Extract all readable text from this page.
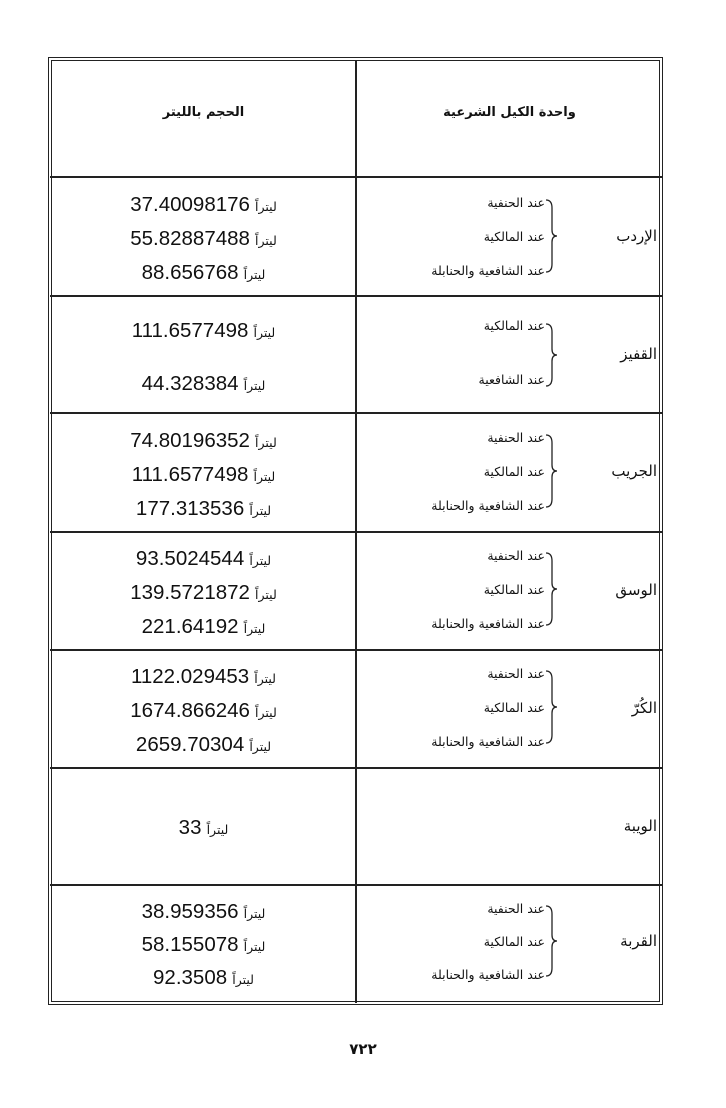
واحدة الكيل الشرعية
الحجم بالليتر
الإردب
عند الحنفية
عند المالكية
عند الشافعية والحنابلة
37.40098176 ليتراً
55.82887488 ليتراً
88.656768 ليتراً
القفيز
عند المالكية
عند الشافعية
111.6577498 ليتراً
44.328384 ليتراً
الجريب
عند الحنفية
عند المالكية
عند الشافعية والحنابلة
74.80196352 ليتراً
111.6577498 ليتراً
177.313536 ليتراً
الوسق
عند الحنفية
عند المالكية
عند الشافعية والحنابلة
93.5024544 ليتراً
139.5721872 ليتراً
221.64192 ليتراً
الكُرّ
عند الحنفية
عند المالكية
عند الشافعية والحنابلة
1122.029453 ليتراً
1674.866246 ليتراً
2659.70304 ليتراً
الويبة
33 ليتراً
القربة
عند الحنفية
عند المالكية
عند الشافعية والحنابلة
38.959356 ليتراً
58.155078 ليتراً
92.3508 ليتراً
٧٢٢
